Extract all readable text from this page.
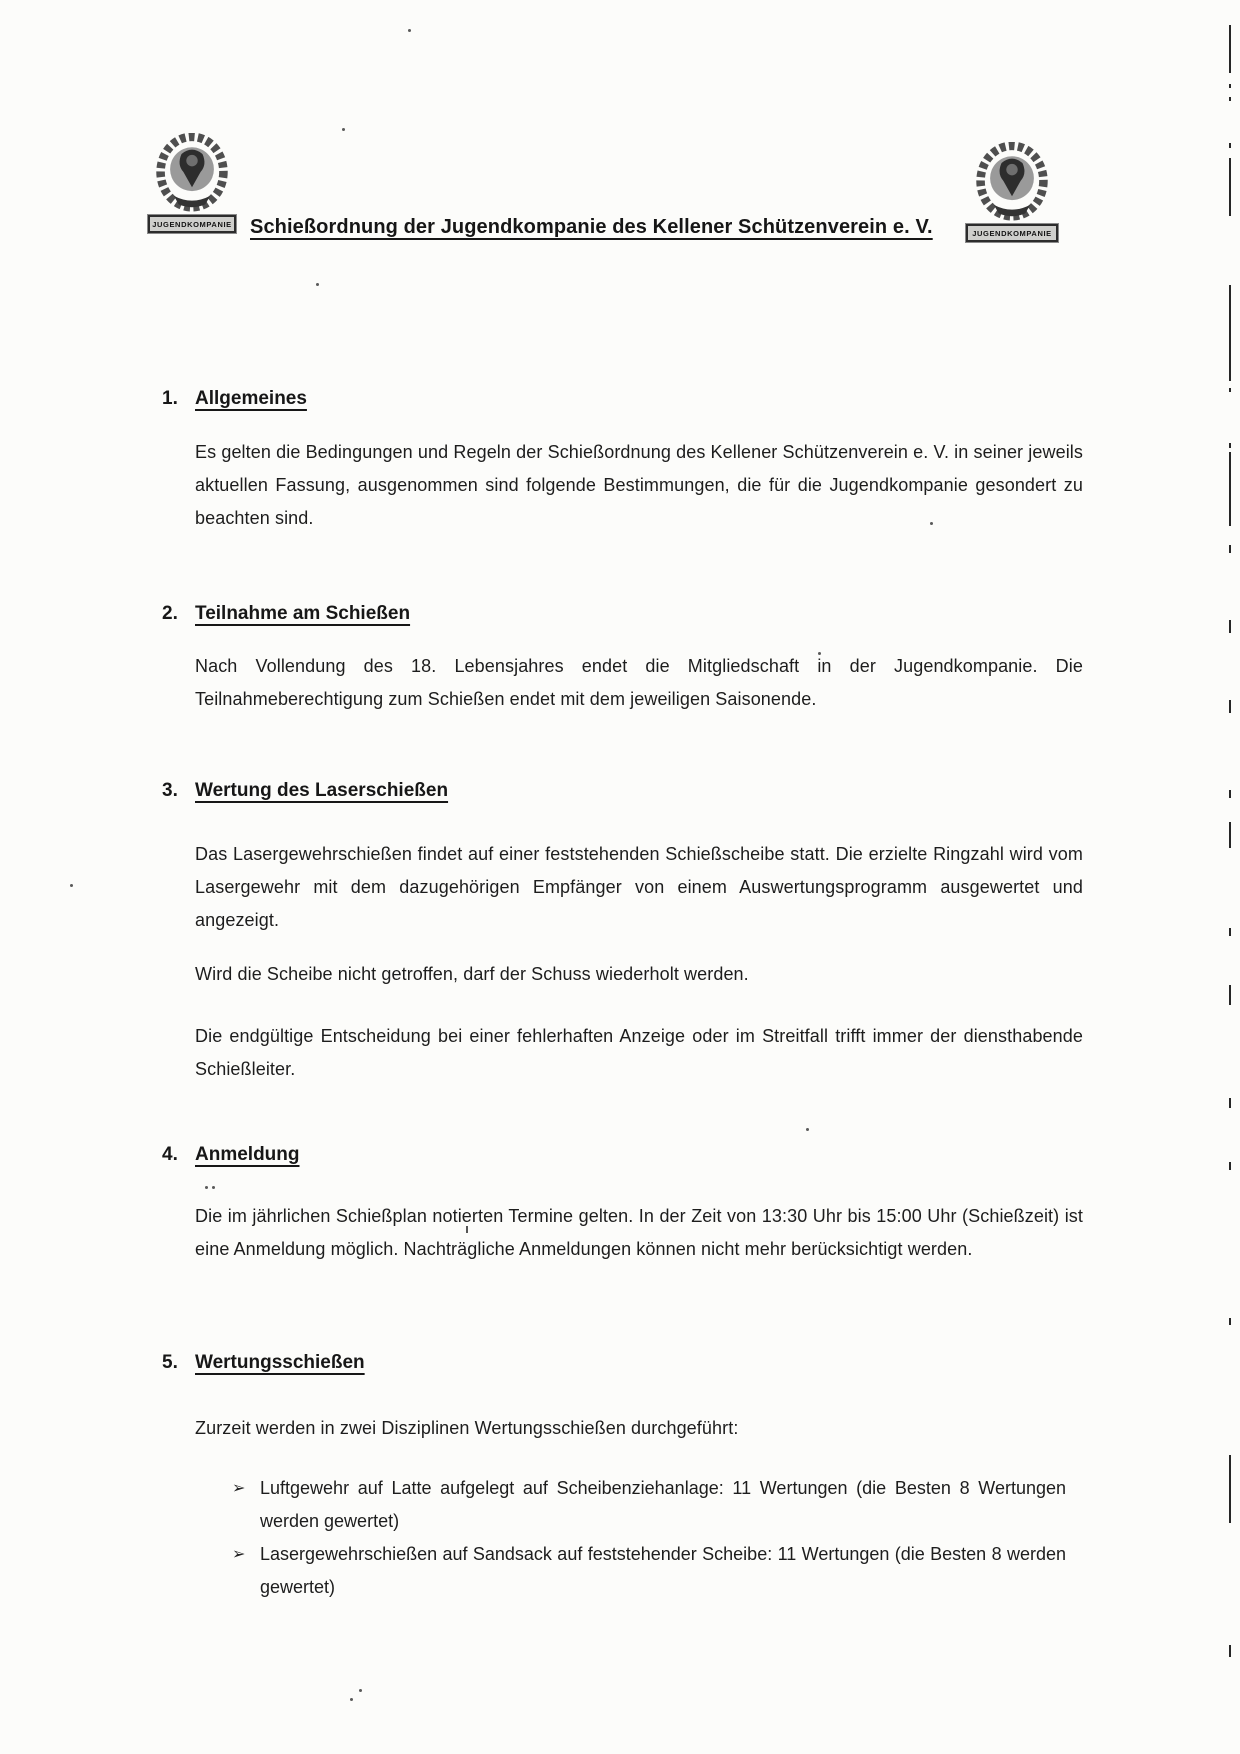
JUGENDKOMPANIE
JUGENDKOMPANIE
Schießordnung der Jugendkompanie des Kellener Schützenverein e. V.
1. Allgemeines

Es gelten die Bedingungen und Regeln der Schießordnung des Kellener Schützenverein e. V. in seiner jeweils aktuellen Fassung, ausgenommen sind folgende Bestimmungen, die für die Jugendkompanie gesondert zu beachten sind.

2. Teilnahme am Schießen

Nach Vollendung des 18. Lebensjahres endet die Mitgliedschaft in der Jugendkompanie. Die Teilnahmeberechtigung zum Schießen endet mit dem jeweiligen Saisonende.

3. Wertung des Laserschießen

Das Lasergewehrschießen findet auf einer feststehenden Schießscheibe statt. Die erzielte Ringzahl wird vom Lasergewehr mit dem dazugehörigen Empfänger von einem Auswertungsprogramm ausgewertet und angezeigt.

Wird die Scheibe nicht getroffen, darf der Schuss wiederholt werden.

Die endgültige Entscheidung bei einer fehlerhaften Anzeige oder im Streitfall trifft immer der diensthabende Schießleiter.

4. Anmeldung

Die im jährlichen Schießplan notierten Termine gelten. In der Zeit von 13:30 Uhr bis 15:00 Uhr (Schießzeit) ist eine Anmeldung möglich. Nachträgliche Anmeldungen können nicht mehr berücksichtigt werden.

5. Wertungsschießen

Zurzeit werden in zwei Disziplinen Wertungsschießen durchgeführt:

➢ Luftgewehr auf Latte aufgelegt auf Scheibenziehanlage: 11 Wertungen (die Besten 8 Wertungen werden gewertet)
➢ Lasergewehrschießen auf Sandsack auf feststehender Scheibe: 11 Wertungen (die Besten 8 werden gewertet)
